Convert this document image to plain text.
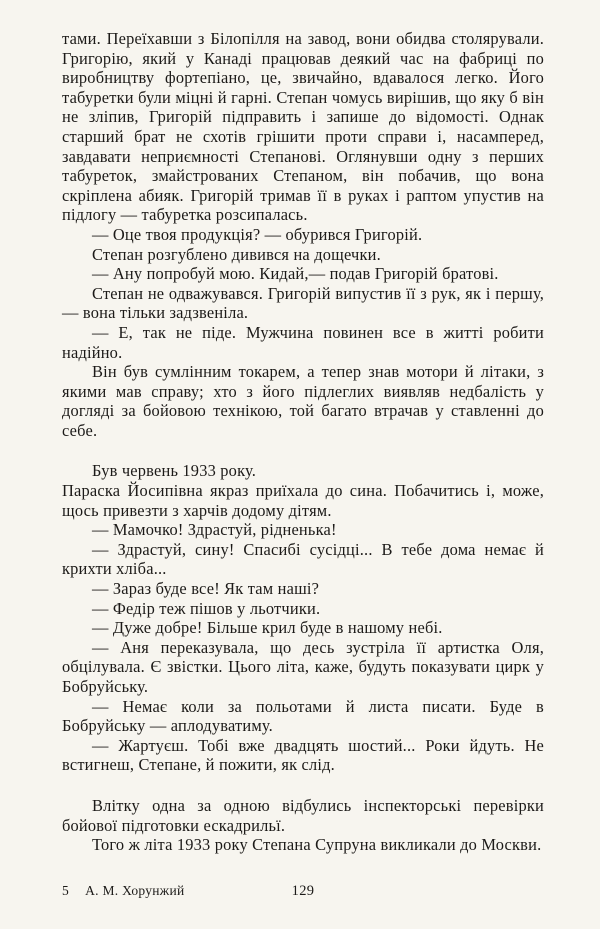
тами. Переїхавши з Білопілля на завод, вони обидва столярували. Григорію, який у Канаді працював деякий час на фабриці по виробництву фортепіано, це, звичайно, вдавалося легко. Його табуретки були міцні й гарні. Степан чомусь вирішив, що яку б він не зліпив, Григорій підправить і запише до відомості. Однак старший брат не схотів грішити проти справи і, насамперед, завдавати неприємності Степанові. Оглянувши одну з перших табуреток, змайстрованих Степаном, він побачив, що вона скріплена абияк. Григорій тримав її в руках і раптом упустив на підлогу — табуретка розсипалась.

— Оце твоя продукція? — обурився Григорій.

Степан розгублено дивився на дощечки.

— Ану попробуй мою. Кидай,— подав Григорій братові.

Степан не одважувався. Григорій випустив її з рук, як і першу,— вона тільки задзвеніла.

— Е, так не піде. Мужчина повинен все в житті робити надійно.

Він був сумлінним токарем, а тепер знав мотори й літаки, з якими мав справу; хто з його підлеглих виявляв недбалість у догляді за бойовою технікою, той багато втрачав у ставленні до себе.

Був червень 1933 року.

Параска Йосипівна якраз приїхала до сина. Побачитись і, може, щось привезти з харчів додому дітям.

— Мамочко! Здрастуй, рідненька!

— Здрастуй, сину! Спасибі сусідці... В тебе дома немає й крихти хліба...

— Зараз буде все! Як там наші?

— Федір теж пішов у льотчики.

— Дуже добре! Більше крил буде в нашому небі.

— Аня переказувала, що десь зустріла її артистка Оля, обцілувала. Є звістки. Цього літа, каже, будуть показувати цирк у Бобруйську.

— Немає коли за польотами й листа писати. Буде в Бобруйську — аплодуватиму.

— Жартуєш. Тобі вже двадцять шостий... Роки йдуть. Не встигнеш, Степане, й пожити, як слід.

Влітку одна за одною відбулись інспекторські перевірки бойової підготовки ескадрильї.

Того ж літа 1933 року Степана Супруна викликали до Москви.

5 А. М. Хорунжий	129
